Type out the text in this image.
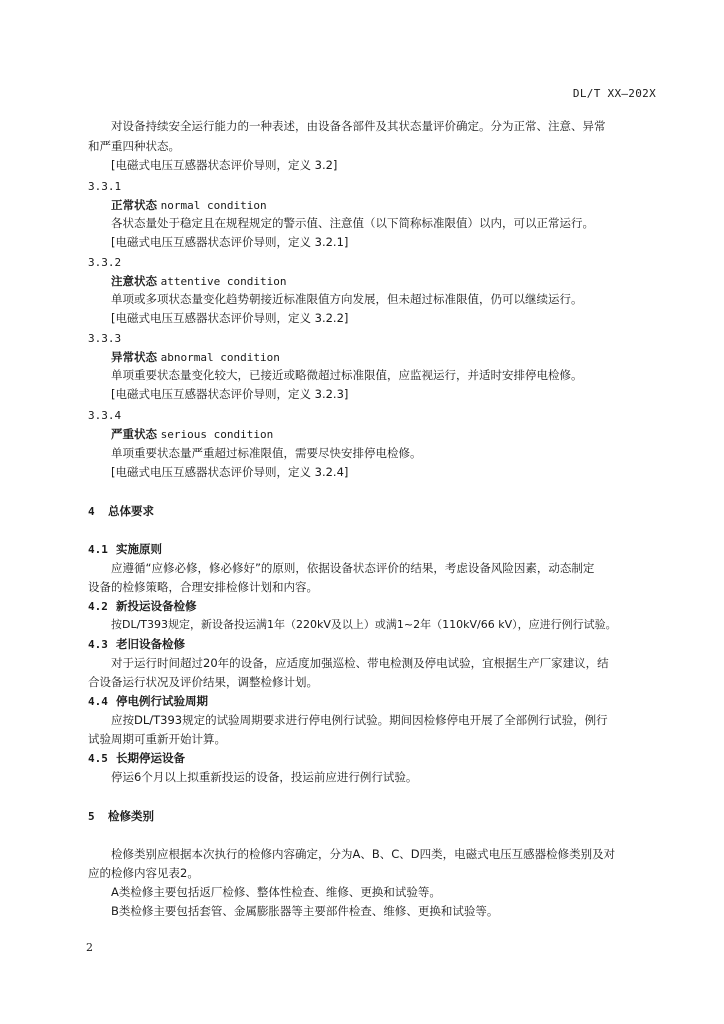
DL/T XX—202X
对设备持续安全运行能力的一种表述，由设备各部件及其状态量评价确定。分为正常、注意、异常
和严重四种状态。
[电磁式电压互感器状态评价导则，定义 3.2]
3.3.1
正常状态 normal condition
各状态量处于稳定且在规程规定的警示值、注意值（以下简称标准限值）以内，可以正常运行。
[电磁式电压互感器状态评价导则，定义 3.2.1]
3.3.2
注意状态 attentive condition
单项或多项状态量变化趋势朝接近标准限值方向发展，但未超过标准限值，仍可以继续运行。
[电磁式电压互感器状态评价导则，定义 3.2.2]
3.3.3
异常状态 abnormal condition
单项重要状态量变化较大，已接近或略微超过标准限值，应监视运行，并适时安排停电检修。
[电磁式电压互感器状态评价导则，定义 3.2.3]
3.3.4
严重状态 serious condition
单项重要状态量严重超过标准限值，需要尽快安排停电检修。
[电磁式电压互感器状态评价导则，定义 3.2.4]
4 总体要求
4.1 实施原则
应遵循“应修必修，修必修好”的原则，依据设备状态评价的结果，考虑设备风险因素，动态制定
设备的检修策略，合理安排检修计划和内容。
4.2 新投运设备检修
按DL/T393规定，新设备投运满1年（220kV及以上）或满1~2年（110kV/66 kV），应进行例行试验。
4.3 老旧设备检修
对于运行时间超过20年的设备，应适度加强巡检、带电检测及停电试验，宜根据生产厂家建议，结
合设备运行状况及评价结果，调整检修计划。
4.4 停电例行试验周期
应按DL/T393规定的试验周期要求进行停电例行试验。期间因检修停电开展了全部例行试验，例行
试验周期可重新开始计算。
4.5 长期停运设备
停运6个月以上拟重新投运的设备，投运前应进行例行试验。
5 检修类别
检修类别应根据本次执行的检修内容确定，分为A、B、C、D四类，电磁式电压互感器检修类别及对
应的检修内容见表2。
A类检修主要包括返厂检修、整体性检查、维修、更换和试验等。
B类检修主要包括套管、金属膨胀器等主要部件检查、维修、更换和试验等。
2
